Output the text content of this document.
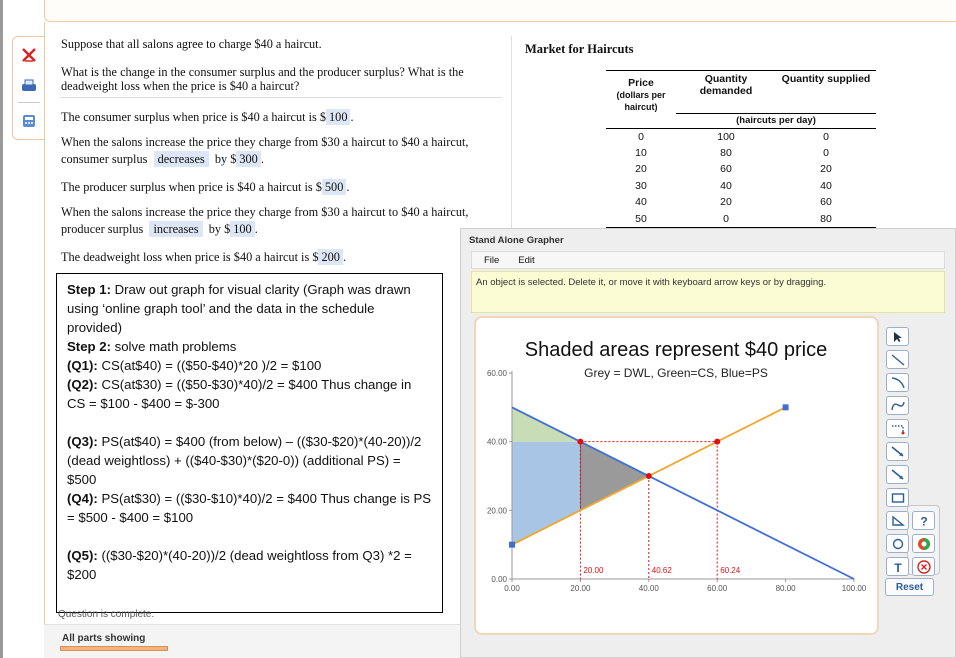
Suppose that all salons agree to charge $40 a haircut.
What is the change in the consumer surplus and the producer surplus? What is the
deadweight loss when the price is $40 a haircut?
The consumer surplus when price is $40 a haircut is $ 100 .
When the salons increase the price they charge from $30 a haircut to $40 a haircut,
consumer surplus decreases by $ 300 .
The producer surplus when price is $40 a haircut is $ 500 .
When the salons increase the price they charge from $30 a haircut to $40 a haircut,
producer surplus increases by $ 100 .
The deadweight loss when price is $40 a haircut is $ 200 .
Market for Haircuts
Price
(dollars per haircut)	Quantity demanded	Quantity supplied
	(haircuts per day)	
0	100	0
10	80	0
20	60	20
30	40	40
40	20	60
50	0	80

Step 1: Draw out graph for visual clarity (Graph was drawn using ‘online graph tool’ and the data in the schedule provided)

Step 2: solve math problems

(Q1): CS(at$40) = (($50-$40)*20 )/2 = $100

(Q2): CS(at$30) = (($50-$30)*40)/2 = $400 Thus change in CS = $100 - $400 = $-300

(Q3): PS(at$40) = $400 (from below) – (($30-$20)*(40-20))/2 (dead weightloss) + (($40-$30)*($20-0)) (additional PS) = $500

(Q4): PS(at$30) = (($30-$10)*40)/2 = $400 Thus change is PS = $500 - $400 = $100

(Q5): (($30-$20)*(40-20))/2 (dead weightloss from Q3) *2 = $200

Question is complete.
All parts showing
Stand Alone Grapher
File Edit
An object is selected. Delete it, or move it with keyboard arrow keys or by dragging.
Shaded areas represent $40 price
Grey = DWL, Green=CS, Blue=PS
0.00	20.00	40.00	60.00	80.00	100.00
0.00
20.00
40.00
60.00
20.00	40.62	60.24
?
T
Reset
